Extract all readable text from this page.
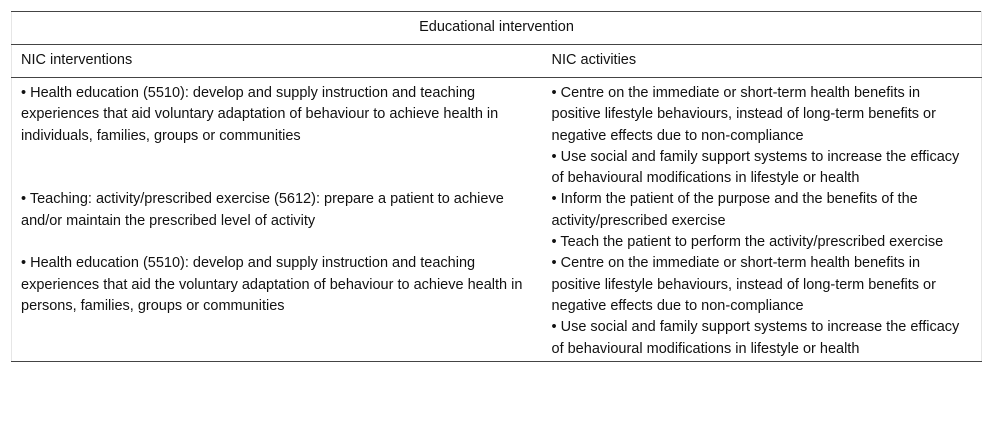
Educational intervention	
NIC interventions	NIC activities
• Health education (5510): develop and supply instruction and teaching experiences that aid voluntary adaptation of behaviour to achieve health in individuals, families, groups or communities	• Centre on the immediate or short-term health benefits in positive lifestyle behaviours, instead of long-term benefits or negative effects due to non-compliance
• Use social and family support systems to increase the efficacy of behavioural modifications in lifestyle or health

• Teaching: activity/prescribed exercise (5612): prepare a patient to achieve and/or maintain the prescribed level of activity	• Inform the patient of the purpose and the benefits of the activity/prescribed exercise
• Teach the patient to perform the activity/prescribed exercise

• Health education (5510): develop and supply instruction and teaching experiences that aid the voluntary adaptation of behaviour to achieve health in persons, families, groups or communities	• Centre on the immediate or short-term health benefits in positive lifestyle behaviours, instead of long-term benefits or negative effects due to non-compliance
• Use social and family support systems to increase the efficacy of behavioural modifications in lifestyle or health
